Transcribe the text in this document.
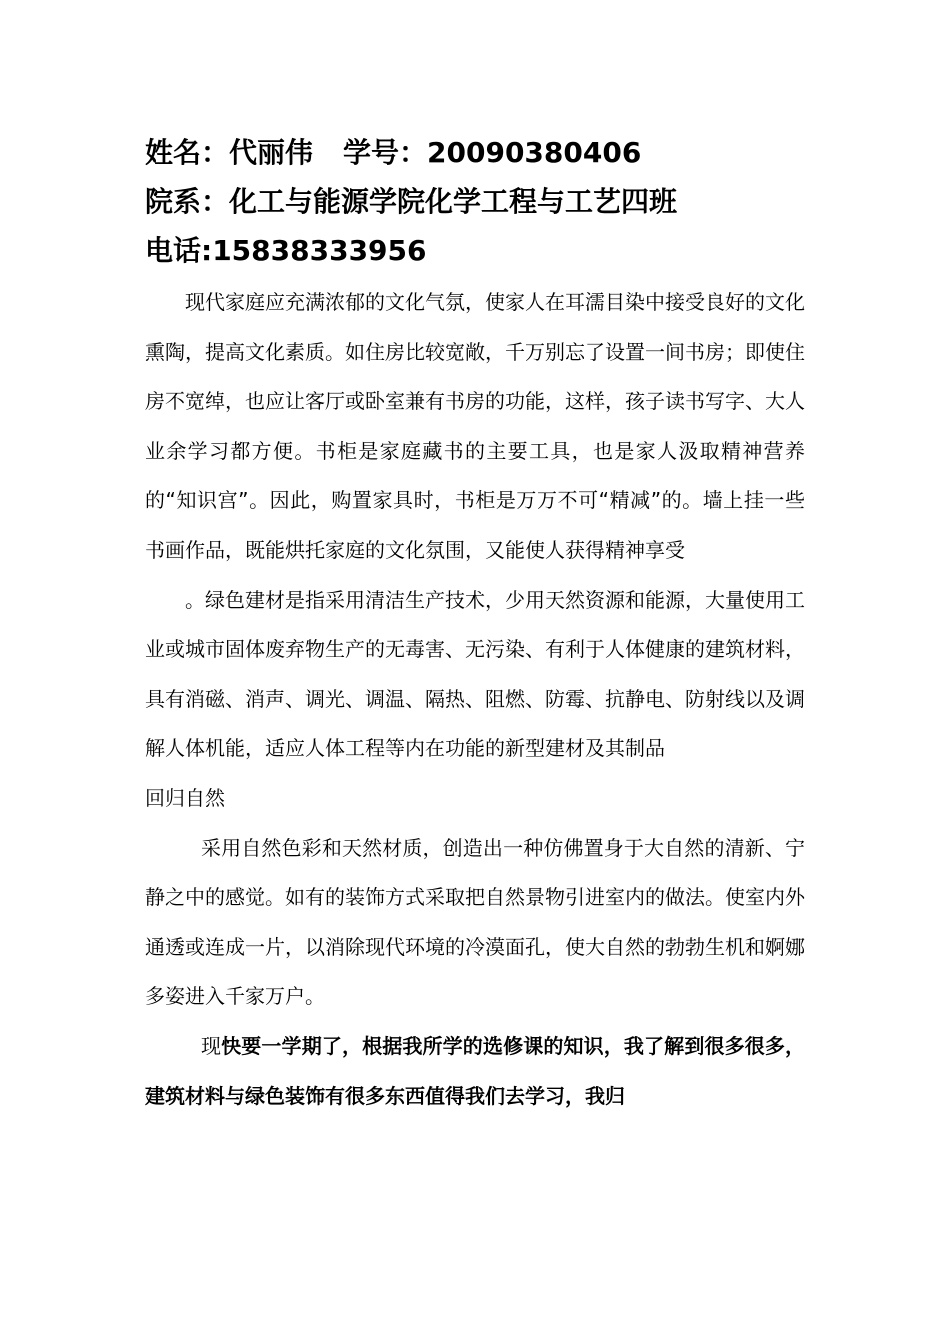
姓名：代丽伟 学号：20090380406
院系：化工与能源学院化学工程与工艺四班
电话:15838333956

现代家庭应充满浓郁的文化气氛，使家人在耳濡目染中接受良好的文化熏陶，提高文化素质。如住房比较宽敞，千万别忘了设置一间书房；即使住房不宽绰，也应让客厅或卧室兼有书房的功能，这样，孩子读书写字、大人业余学习都方便。书柜是家庭藏书的主要工具，也是家人汲取精神营养的“知识宫”。因此，购置家具时，书柜是万万不可“精减”的。墙上挂一些书画作品，既能烘托家庭的文化氛围，又能使人获得精神享受

。绿色建材是指采用清洁生产技术，少用天然资源和能源，大量使用工业或城市固体废弃物生产的无毒害、无污染、有利于人体健康的建筑材料，具有消磁、消声、调光、调温、隔热、阻燃、防霉、抗静电、防射线以及调解人体机能，适应人体工程等内在功能的新型建材及其制品

回归自然

采用自然色彩和天然材质，创造出一种仿佛置身于大自然的清新、宁静之中的感觉。如有的装饰方式采取把自然景物引进室内的做法。使室内外通透或连成一片，以消除现代环境的冷漠面孔，使大自然的勃勃生机和婀娜多姿进入千家万户。

现快要一学期了，根据我所学的选修课的知识，我了解到很多很多，建筑材料与绿色装饰有很多东西值得我们去学习，我归
